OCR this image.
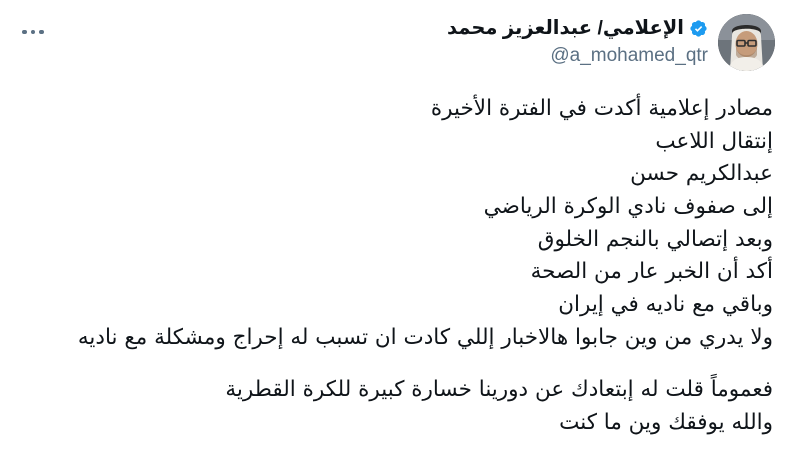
الإعلامي/ عبدالعزيز محمد
@a_mohamed_qtr
مصادر إعلامية أكدت في الفترة الأخيرة
إنتقال اللاعب
عبدالكريم حسن
إلى صفوف نادي الوكرة الرياضي
وبعد إتصالي بالنجم الخلوق
أكد أن الخبر عار من الصحة
وباقي مع ناديه في إيران
ولا يدري من وين جابوا هالاخبار إللي كادت ان تسبب له إحراج ومشكلة مع ناديه
فعموماً قلت له إبتعادك عن دورينا خسارة كبيرة للكرة القطرية
والله يوفقك وين ما كنت
